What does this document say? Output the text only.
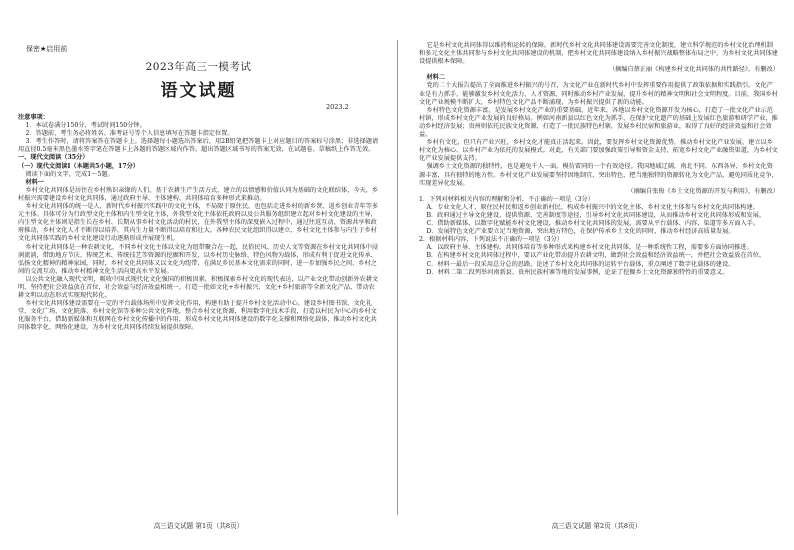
保密★启用前
2023年高三一模考试
语文试题
2023.2

注意事项：

1．本试卷满分150分，考试时间150分钟。

2．答题前，考生务必将姓名、准考证号等个人信息填写在答题卡指定位置。

3．考生作答时，请将答案答在答题卡上。选择题每小题选出答案后，用2B铅笔把答题卡上对应题目的答案标号涂黑；非选择题请用直径0.5毫米黑色墨水签字笔在答题卡上各题的答题区域内作答。超出答题区域书写的答案无效，在试题卷、草稿纸上作答无效。

一、现代文阅读（35分）

（一）现代文阅读Ⅰ（本题共5小题，17分）

阅读下面的文字，完成1～5题。

材料一

乡村文化共同体是居住在乡村熟识亲缘的人们，基于农耕生产生活方式，建立的以情感和价值认同为基础的文化联结体，今天，乡村振兴需要建设乡村文化共同体，通过政府主导、主体建构、共同体培育多种形式来推动。

乡村文化共同体的统一是人，新时代乡村振兴实践中的文化主体，不局限于原住民，也包括走进乡村的新乡贤、返乡创业青年等多元主体。具体可分为行政型文化主体和内生型文化主体，外我型文化主体依托政府以及公共服务组织建立起对乡村文化建设的主导，内生型文化主体则是指生长在乡村、长期从事乡村文化活动的村民，在外我型主体的深度嵌入过程中，通过往返互动、资源共享和政府推动，乡村文化人才不断得以培养，其内生力量不断得以培育和壮大。各种农民文化组织得以建立，乡村文化主体参与内生于乡村文化共同体实践的乡村文化建设行动逐渐形成并展现生机。

乡村文化共同体是一种农耕文化，不同乡村文化主体以文化为纽带聚合在一起，民俗民风、历史人文等资源在乡村文化共同体中浸润流淌，借助地方节庆、传统艺术、传统技艺等资源的挖掘和开发，以乡村历史脉络、特色风物为载体，形成有利于促进文化传承、弘扬文化精神的精神家园，同时，乡村文化共同体又以文化为纽带，在满足乡民基本文化需求的同时，进一步加强乡民之间、乡村之间的交流互动，推动乡村精神文化生活向更高水平发展。

以公共文化融入现代文明，吸收中国式现代化文化强国的积极因素，积极探索乡村文化的现代表达，以产业文化带动创新外农耕文明，坚持把社会效益放在首位，社会效益与经济效益相统一，打造一批如文化+乡村振兴、文化+乡村旅游等全新文化产品，带动农耕文明以动态形式实现现代转化。

乡村文化共同体建设需要在一定的平台载体场所中发挥文化作用，构建有助于提升乡村文化活动中心、建设乡村图书馆、文化礼堂、文化广场、文化院落、乡村文化馆等多种公共文化阵地，整合乡村文化资源，利用数字化技术手段，打造以村民为中心的乡村文化服务平台，借助新媒体和互联网在乡村文化传播中的作用，形成乡村文化共同体建设的数字化支撑和网络化载体，推动乡村文化共同体数字化、网络化建设，为乡村文化共同体持续发展提供保障。

高三语文试题 第1页（共8页）

它是乡村文化共同体得以维持和运转的保障。新时代乡村文化共同体建设需要完善文化制度，建立科学规范的乡村文化治理机制和多元文化主体共同参与乡村文化共同体建设的机制，把乡村文化共同体建设纳入乡村振兴战略整体布局之中，为乡村文化共同体建设提供根本保障。

（摘编自蔡正丽《构建乡村文化共同体的共性路径》，有删改）

材料二

党的二十大报告提出了全面推进乡村振兴的号召，为文化产业在新时代乡村中发挥重要作用提供了政策依据和实践指引。文化产业是有力抓手，能够激发乡村文化活力、人才资源，同时推动乡村产业发展，提升乡村的精神文明和社会文明程度。目前，我国乡村文化产业规模不断扩大，乡村特色文化产品不断涌现，为乡村振兴提供了新的动能。

乡村特色文化资源丰富，是发展乡村文化产业的重要基础。近年来，各地以乡村文化资源开发为核心，打造了一批文化产业示范村镇，形成乡村文化产业发展的良好格局。例如河南新县以红色文化为抓手，在保护文化遗产的基础上发展红色旅游和研学产业，推动乡村经济发展；贵州则依托民族文化资源，打造了一批民族特色村寨，发展乡村民宿和旅游业，取得了良好的经济效益和社会效益。

乡村有文化，但只有产业兴旺，乡村文化才能真正活起来。因此，要发挥乡村文化资源优势，推动乡村文化产业发展，建立以乡村文化为核心、以乡村产业为依托的发展模式。对此，有关部门要加强政策引导和资金支持，拓宽乡村文化产业融资渠道，为乡村文化产业发展提供支持。

强调乡土文化资源的独特性，也是避免千人一面、模仿雷同的一个有效途径。我国地域辽阔，南北不同，东西各异，乡村文化资源丰富，具有独特的地方性。乡村文化产业发展要坚持因地制宜、突出特色，把当地独特的资源转化为文化产品，避免同质化竞争，实现差异化发展。

（摘编自张俊《乡土文化资源的开发与利用》，有删改）

1．下列对材料相关内容的理解和分析，不正确的一项是（3分）

A．专业文化人才、原住民村民和返乡创业新村民，构成乡村振兴中的文化主体，乡村文化主体参与乡村文化共同体构建。

B．政府通过主导文化建设、提供资源、完善制度等途径，引导乡村文化共同体建设，从而推动乡村文化共同体形成和发展。

C．借助新媒体，以数字化赋能乡村文化建设，推动乡村文化共同体的发展，需要从平台载体、内容、渠道等多方面入手。

D．发展特色文化产业要立足当地资源，突出地方特色，在保护传承乡土文化的同时，推动乡村经济高质量发展。

2．根据材料内容，下列说法不正确的一项是（3分）

A．以政府主导、主体建构、共同体培育等多种形式来构建乡村文化共同体，是一种系统性工程，需要多方面协同推进。

B．在构建乡村文化共同体过程中，要以产业化带动提升农耕文明，做到社会效益和经济效益统一，并把社会效益放在首位。

C．材料一最后一段采用总分总的思路，论述了乡村文化共同体的运转平台载体，重点阐述了数字化载体的建设。

D．材料二第二段列举河南新县、贵州民族村寨等地的发展事例，论证了挖掘乡土文化资源独特性的重要意义。

高三语文试题 第2页（共8页）
